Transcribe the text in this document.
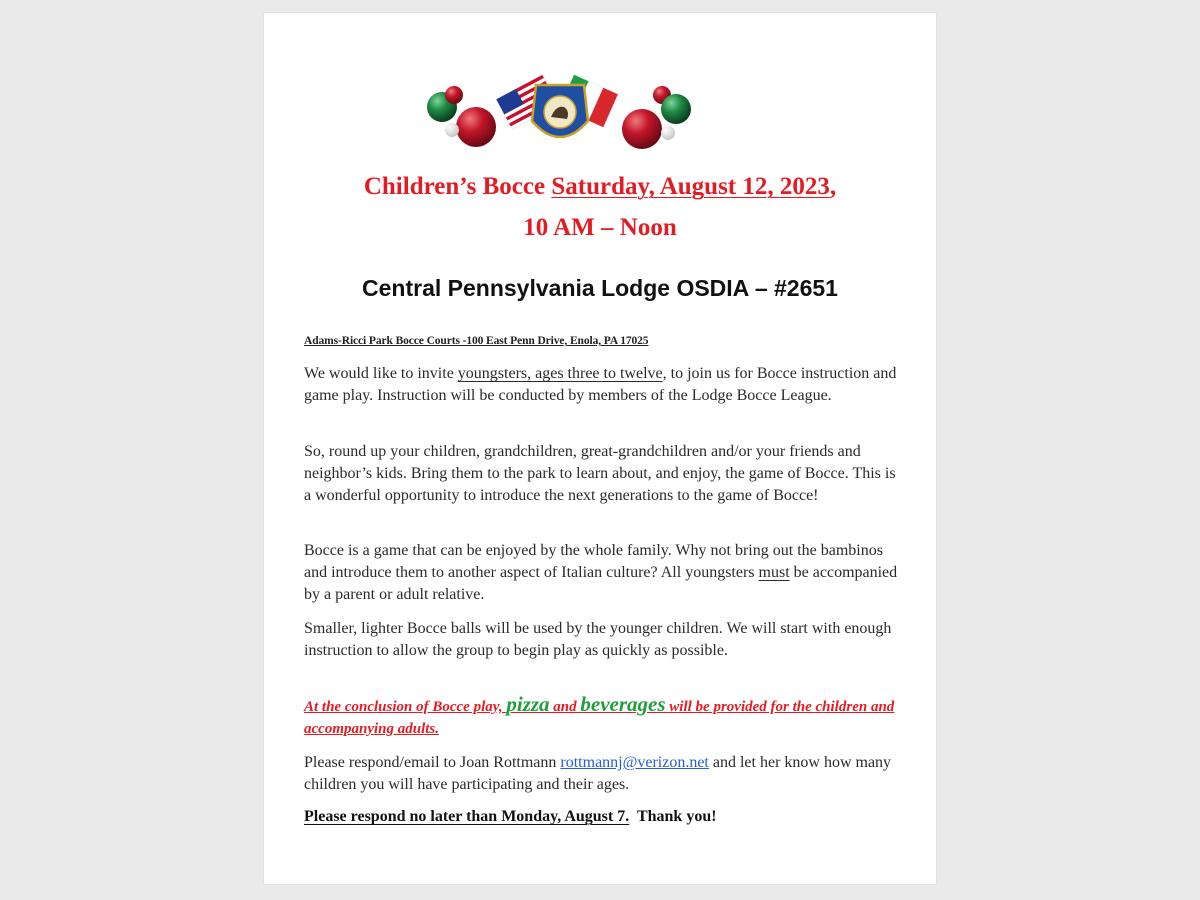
Children’s Bocce Saturday, August 12, 2023,
10 AM – Noon
Central Pennsylvania Lodge OSDIA – #2651
Adams-Ricci Park Bocce Courts -100 East Penn Drive, Enola, PA 17025

We would like to invite youngsters, ages three to twelve, to join us for Bocce instruction and game play. Instruction will be conducted by members of the Lodge Bocce League.

So, round up your children, grandchildren, great-grandchildren and/or your friends and neighbor’s kids. Bring them to the park to learn about, and enjoy, the game of Bocce. This is a wonderful opportunity to introduce the next generations to the game of Bocce!

Bocce is a game that can be enjoyed by the whole family. Why not bring out the bambinos and introduce them to another aspect of Italian culture? All youngsters must be accompanied by a parent or adult relative.

Smaller, lighter Bocce balls will be used by the younger children. We will start with enough instruction to allow the group to begin play as quickly as possible.

At the conclusion of Bocce play, pizza and beverages will be provided for the children and accompanying adults.

Please respond/email to Joan Rottmann rottmannj@verizon.net and let her know how many children you will have participating and their ages.

Please respond no later than Monday, August 7.  Thank you!
